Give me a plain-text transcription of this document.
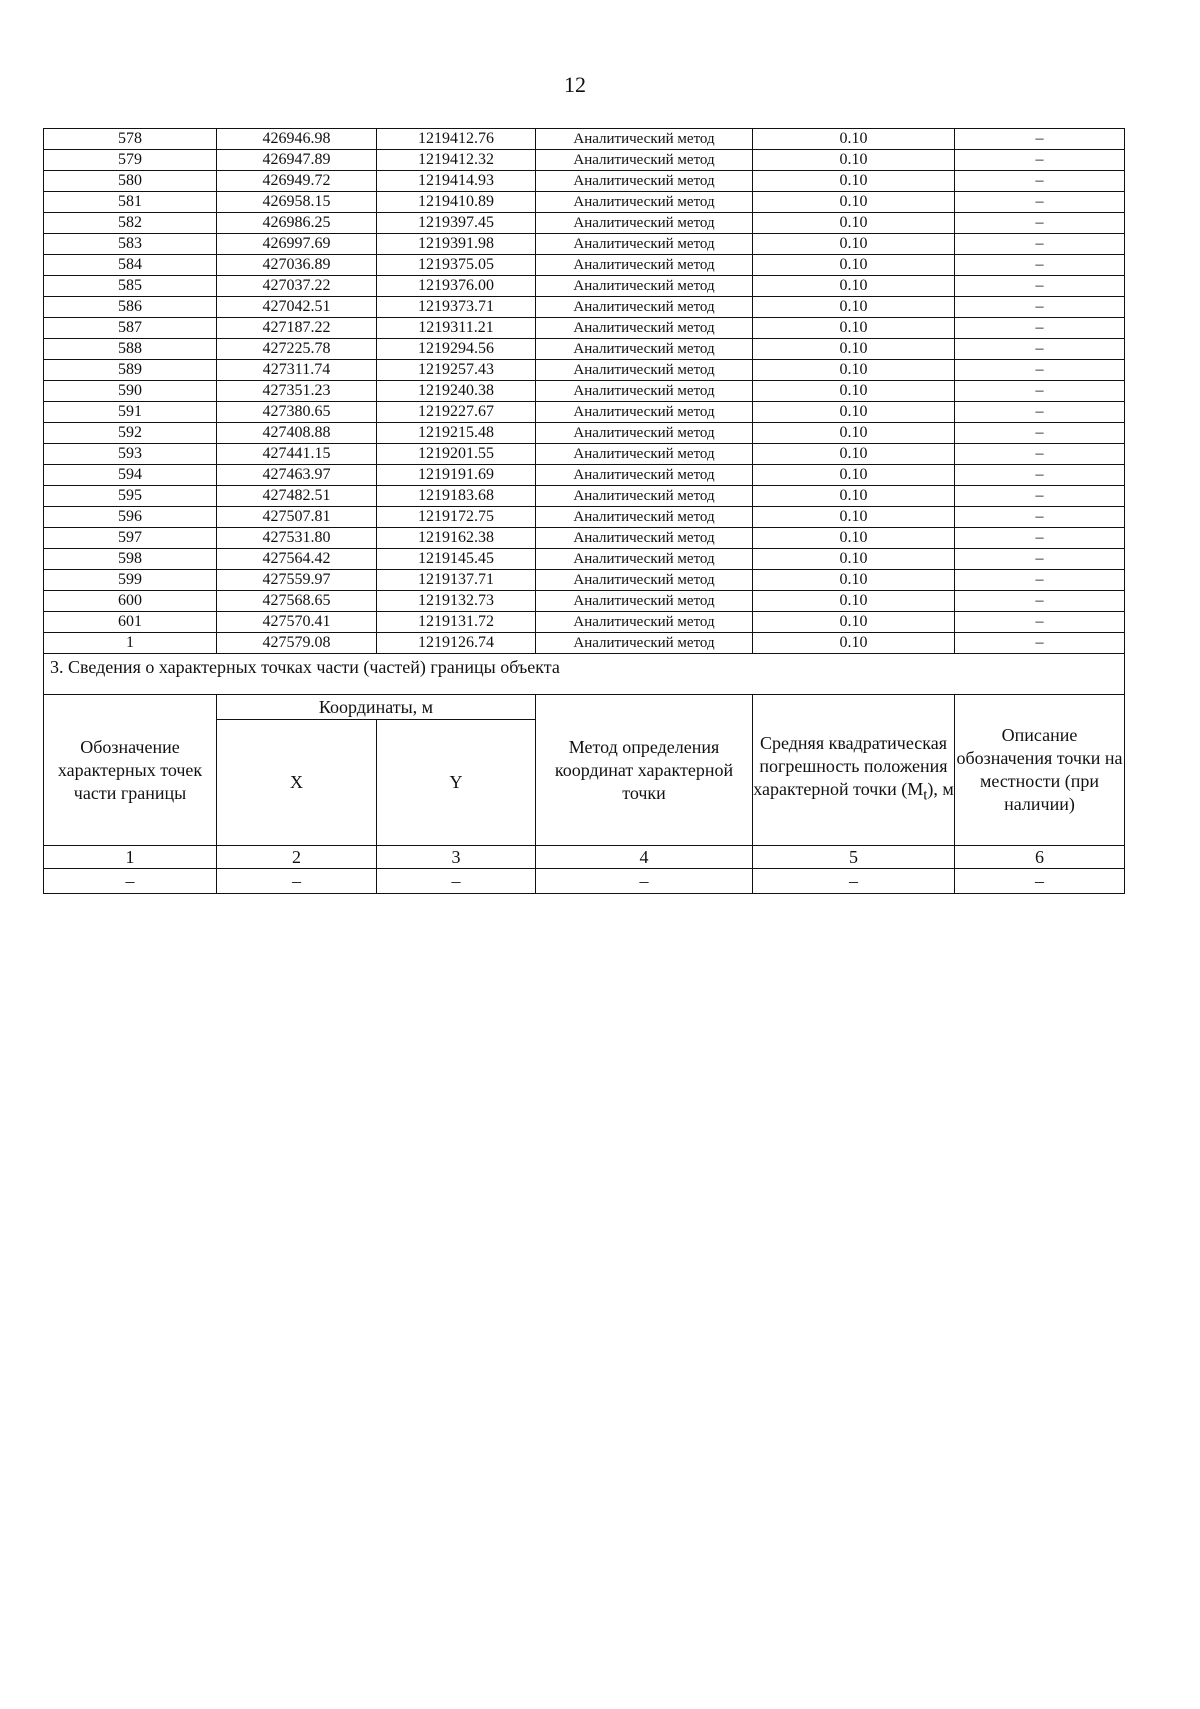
12
578	426946.98	1219412.76	Аналитический метод	0.10	–
579	426947.89	1219412.32	Аналитический метод	0.10	–
580	426949.72	1219414.93	Аналитический метод	0.10	–
581	426958.15	1219410.89	Аналитический метод	0.10	–
582	426986.25	1219397.45	Аналитический метод	0.10	–
583	426997.69	1219391.98	Аналитический метод	0.10	–
584	427036.89	1219375.05	Аналитический метод	0.10	–
585	427037.22	1219376.00	Аналитический метод	0.10	–
586	427042.51	1219373.71	Аналитический метод	0.10	–
587	427187.22	1219311.21	Аналитический метод	0.10	–
588	427225.78	1219294.56	Аналитический метод	0.10	–
589	427311.74	1219257.43	Аналитический метод	0.10	–
590	427351.23	1219240.38	Аналитический метод	0.10	–
591	427380.65	1219227.67	Аналитический метод	0.10	–
592	427408.88	1219215.48	Аналитический метод	0.10	–
593	427441.15	1219201.55	Аналитический метод	0.10	–
594	427463.97	1219191.69	Аналитический метод	0.10	–
595	427482.51	1219183.68	Аналитический метод	0.10	–
596	427507.81	1219172.75	Аналитический метод	0.10	–
597	427531.80	1219162.38	Аналитический метод	0.10	–
598	427564.42	1219145.45	Аналитический метод	0.10	–
599	427559.97	1219137.71	Аналитический метод	0.10	–
600	427568.65	1219132.73	Аналитический метод	0.10	–
601	427570.41	1219131.72	Аналитический метод	0.10	–
1	427579.08	1219126.74	Аналитический метод	0.10	–
3. Сведения о характерных точках части (частей) границы объекта					
Обозначение характерных точек части границы	Координаты, м		Метод определения координат характерной точки	Средняя квадратическая погрешность положения характерной точки $(M_t)$, м	Описание обозначения точки на местности (при наличии)
	X	Y			
1	2	3	4	5	6
–	–	–	–	–	–
